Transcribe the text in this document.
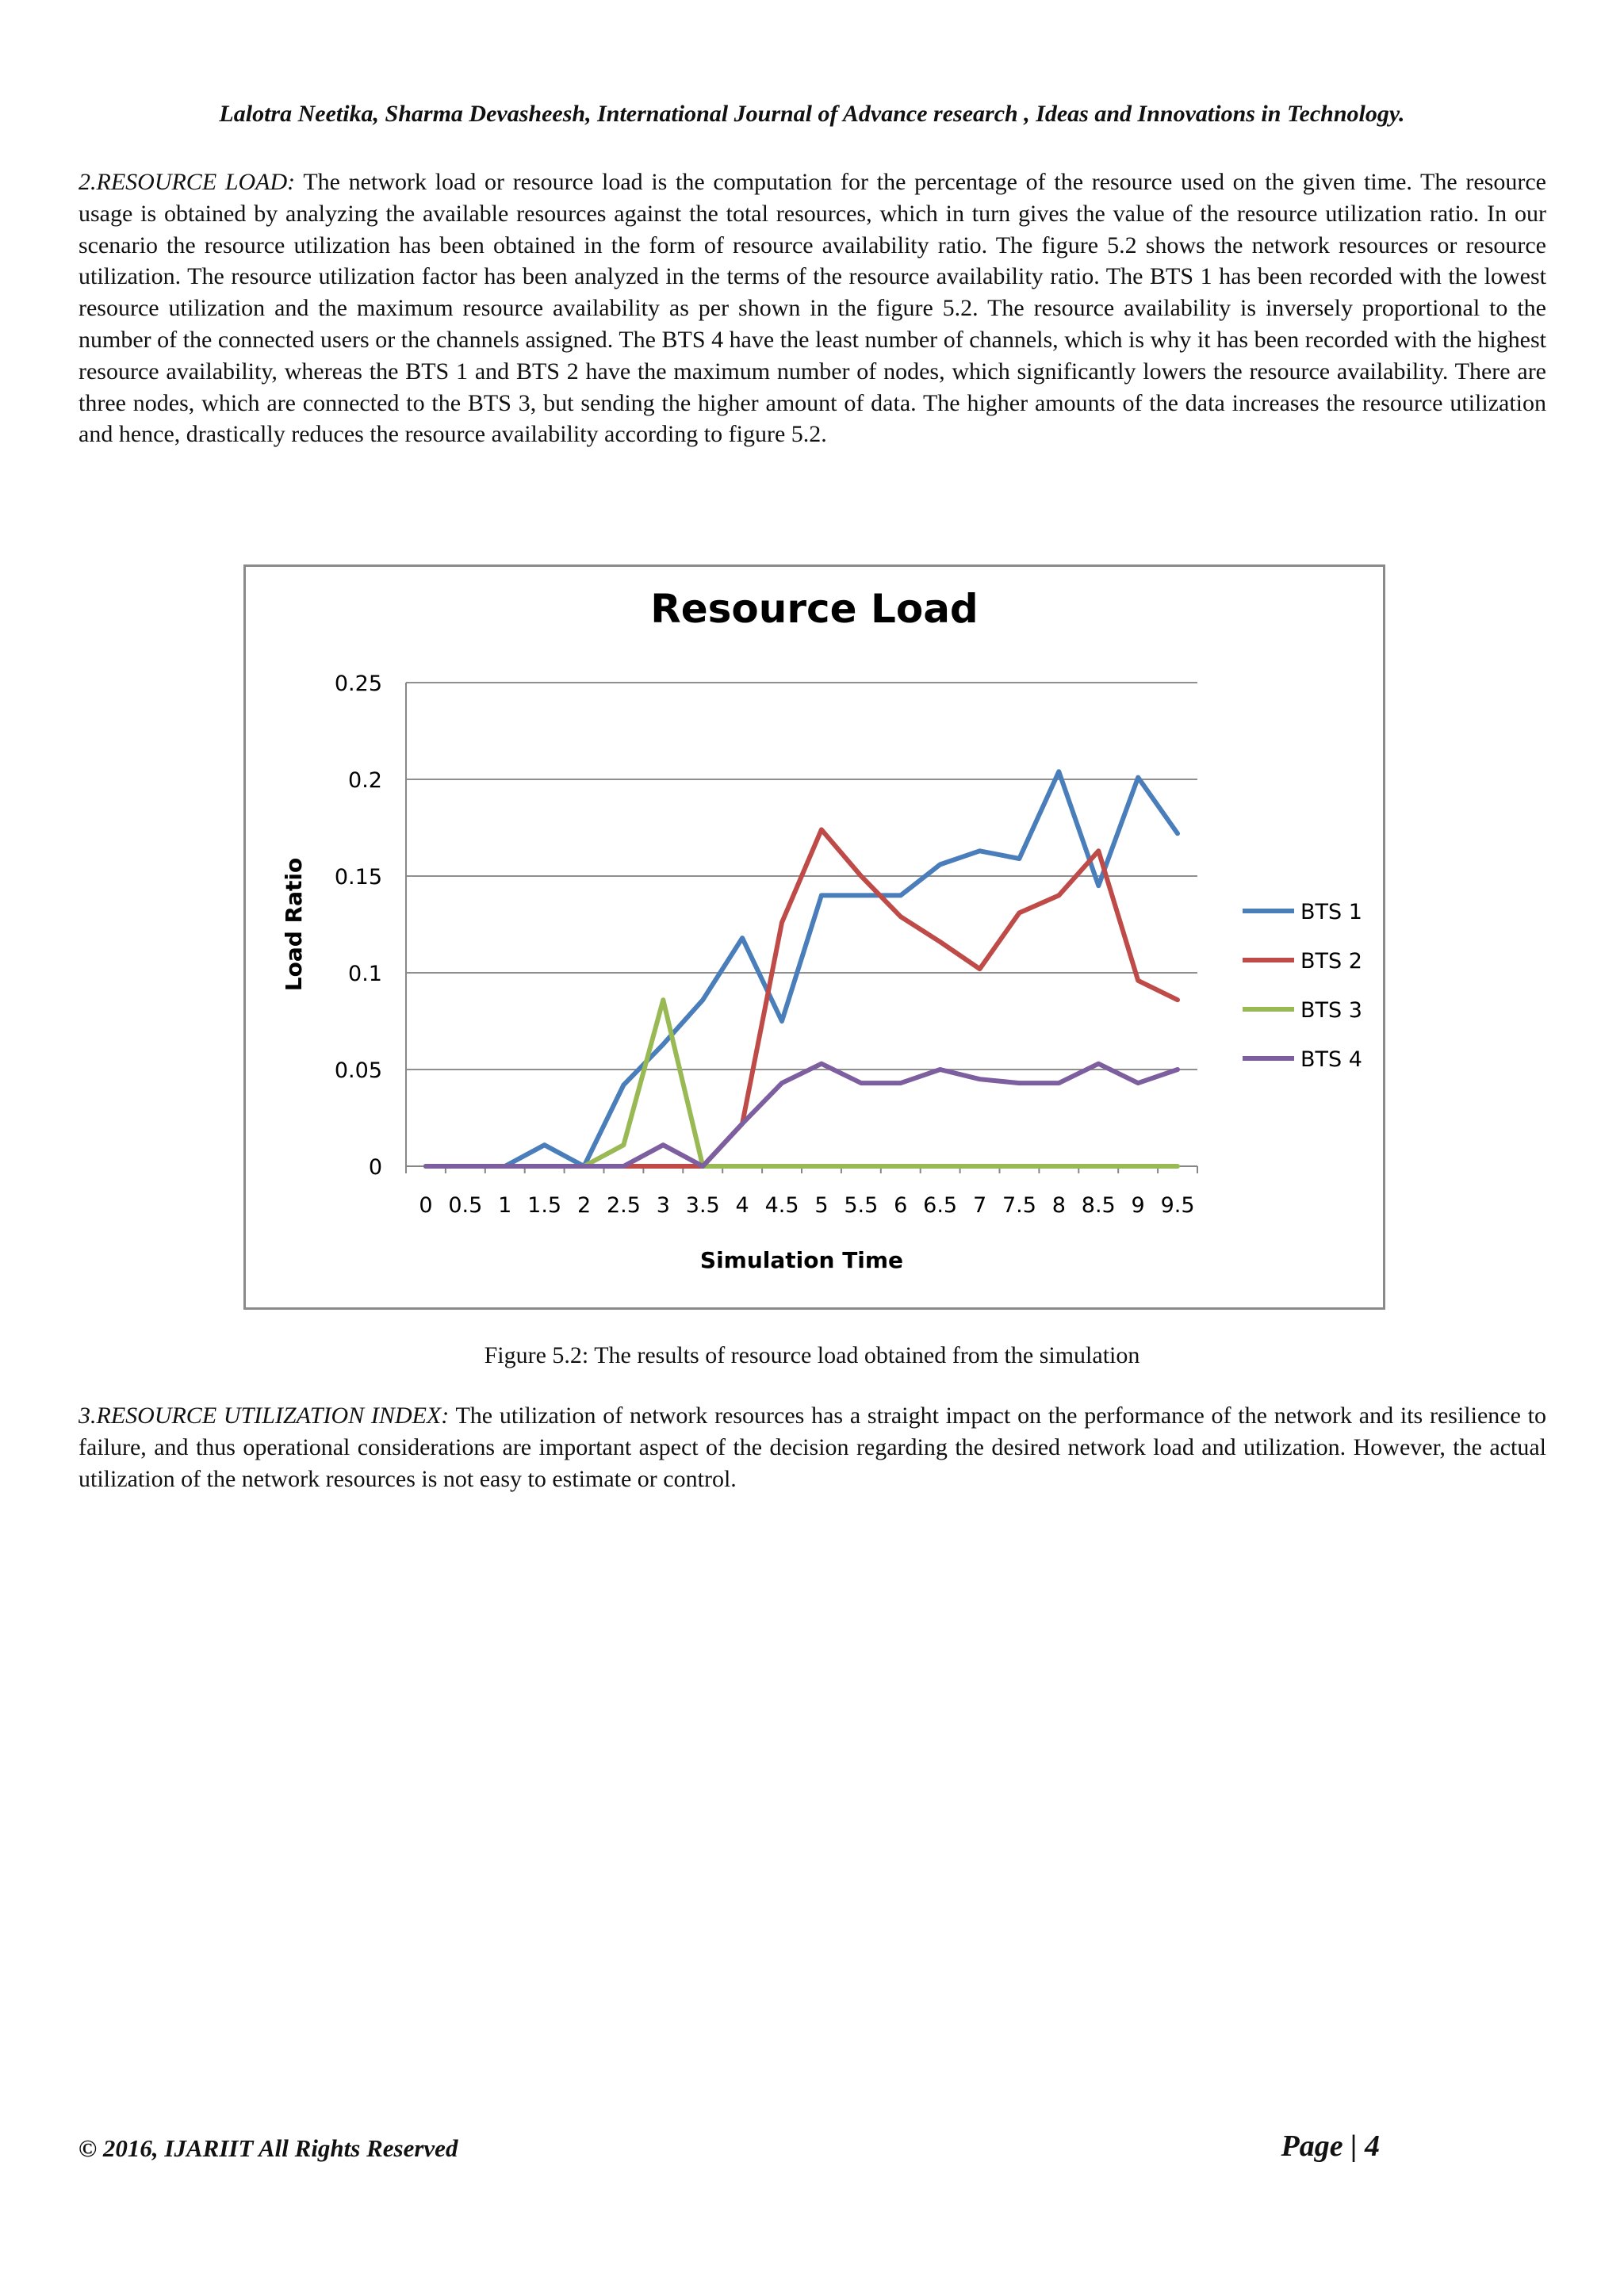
Lalotra Neetika, Sharma Devasheesh, International Journal of Advance research , Ideas and Innovations in Technology.

2.RESOURCE LOAD: The network load or resource load is the computation for the percentage of the resource used on the given time. The resource usage is obtained by analyzing the available resources against the total resources, which in turn gives the value of the resource utilization ratio. In our scenario the resource utilization has been obtained in the form of resource availability ratio. The figure 5.2 shows the network resources or resource utilization. The resource utilization factor has been analyzed in the terms of the resource availability ratio. The BTS 1 has been recorded with the lowest resource utilization and the maximum resource availability as per shown in the figure 5.2. The resource availability is inversely proportional to the number of the connected users or the channels assigned. The BTS 4 have the least number of channels, which is why it has been recorded with the highest resource availability, whereas the BTS 1 and BTS 2 have the maximum number of nodes, which significantly lowers the resource availability. There are three nodes, which are connected to the BTS 3, but sending the higher amount of data. The higher amounts of the data increases the resource utilization and hence, drastically reduces the resource availability according to figure 5.2.

Resource Load
0
0.05
0.1
0.15
0.2
0.25
0 0.5 1 1.5 2 2.5 3 3.5 4 4.5 5 5.5 6 6.5 7 7.5 8 8.5 9 9.5
Simulation Time
Load Ratio	BTS 1
BTS 2
BTS 3
BTS 4
Figure 5.2: The results of resource load obtained from the simulation

3.RESOURCE UTILIZATION INDEX: The utilization of network resources has a straight impact on the performance of the network and its resilience to failure, and thus operational considerations are important aspect of the decision regarding the desired network load and utilization. However, the actual utilization of the network resources is not easy to estimate or control.

© 2016, IJARIIT All Rights Reserved	Page | 4
